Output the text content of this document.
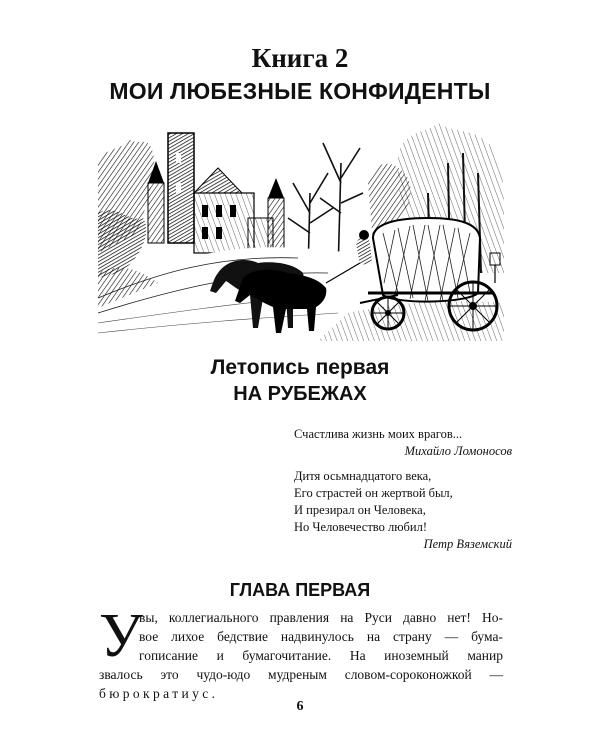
Книга 2
МОИ ЛЮБЕЗНЫЕ КОНФИДЕНТЫ
Летопись первая
НА РУБЕЖАХ
Счастлива жизнь моих врагов...
Михайло Ломоносов
Дитя осьмнадцатого века,
Его страстей он жертвой был,
И презирал он Человека,
Но Человечество любил!
Петр Вяземский
ГЛАВА ПЕРВАЯ
У
вы, коллегиального правления на Руси давно нет! Но-
вое лихое бедствие надвинулось на страну — бума-
гописание и бумагочитание. На иноземный манир
звалось это чудо-юдо мудреным словом-сороконожкой —
бюрократиус.
6
